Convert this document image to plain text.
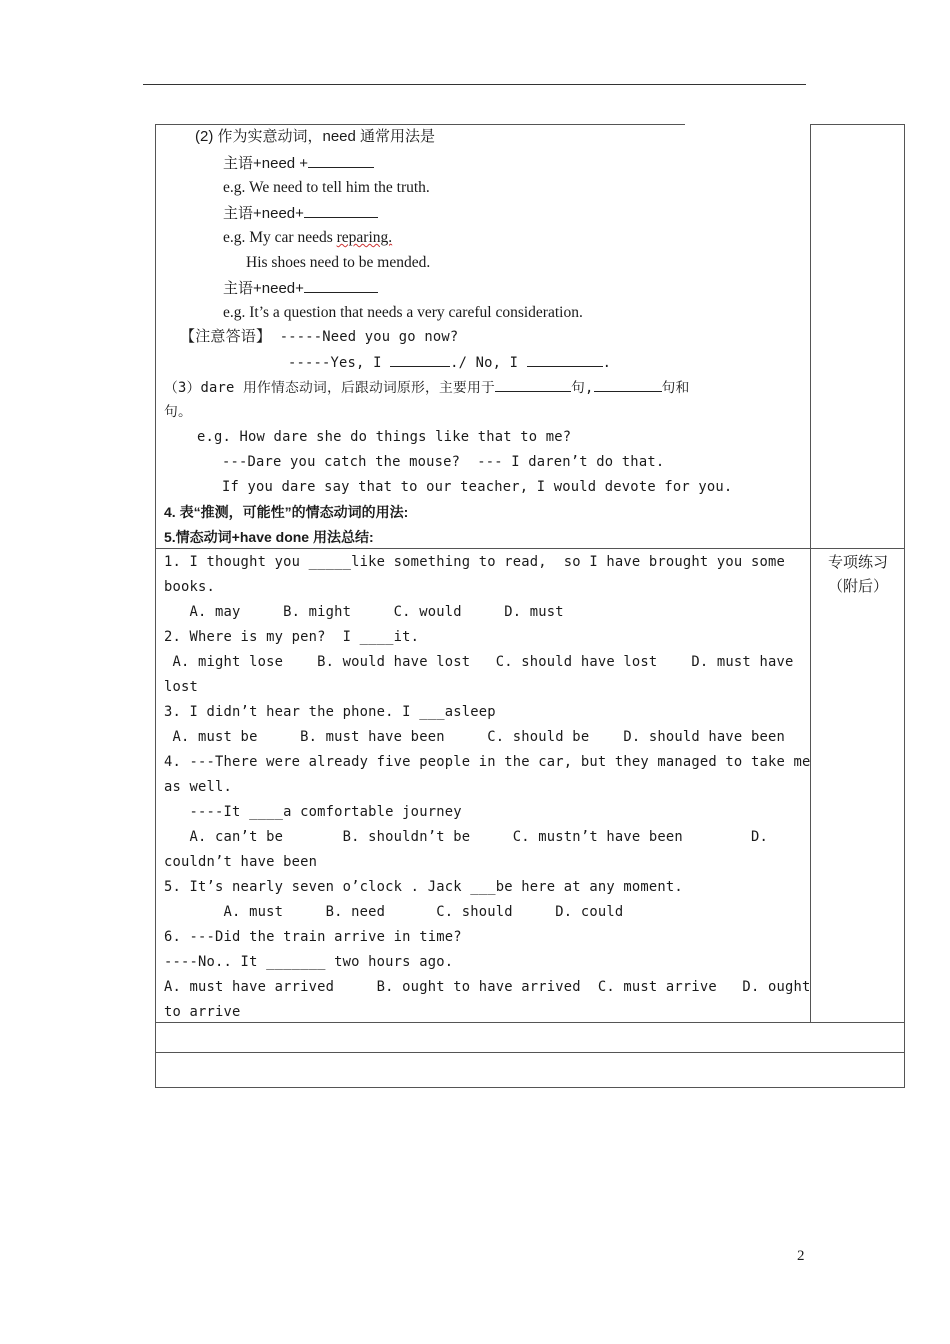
(2) 作为实意动词，need 通常用法是
主语+need +
e.g. We need to tell him the truth.
主语+need+
e.g. My car needs reparing.
His shoes need to be mended.
主语+need+
e.g. It’s a question that needs a very careful consideration.
【注意答语】 -----Need you go now?
-----Yes, I	./ No, I	.
（3）dare 用作情态动词，后跟动词原形，主要用于	句,	句和
句。
e.g. How dare she do things like that to me?
---Dare you catch the mouse?  --- I daren’t do that.
If you dare say that to our teacher, I would devote for you.
4. 表“推测，可能性”的情态动词的用法:
5.情态动词+have done 用法总结:
专项练习
（附后）
1. I thought you _____like something to read,  so I have brought you some
books.
A. may     B. might     C. would     D. must
2. Where is my pen?  I ____it.
A. might lose    B. would have lost   C. should have lost    D. must have
lost
3. I didn’t hear the phone. I ___asleep
A. must be     B. must have been     C. should be    D. should have been
4. ---There were already five people in the car, but they managed to take me
as well.
----It ____a comfortable journey
A. can’t be       B. shouldn’t be     C. mustn’t have been        D.
couldn’t have been
5. It’s nearly seven o’clock . Jack ___be here at any moment.
A. must     B. need      C. should     D. could
6. ---Did the train arrive in time?
----No.. It _______ two hours ago.
A. must have arrived     B. ought to have arrived  C. must arrive   D. ought
to arrive
2
